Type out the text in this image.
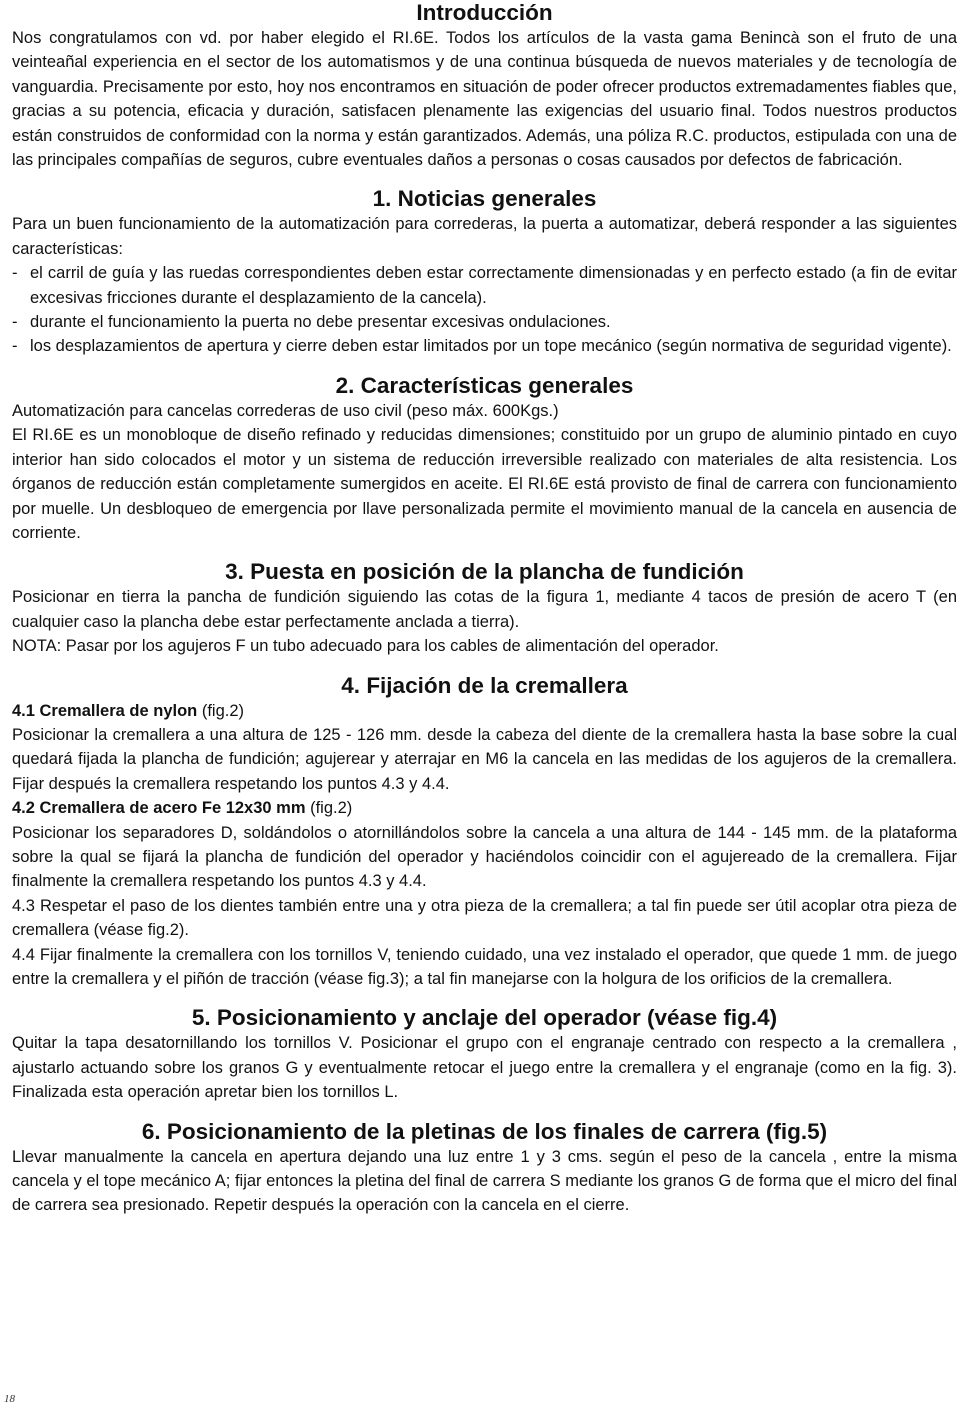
Introducción

Nos congratulamos con vd. por haber elegido el RI.6E. Todos los artículos de la vasta gama Benincà son el fruto de una veinteañal experiencia en el sector de los automatismos y de una continua búsqueda de nuevos materiales y de tecnología de vanguardia. Precisamente por esto, hoy nos encontramos en situación de poder ofrecer productos extremadamentes fiables que, gracias a su potencia, eficacia y duración, satisfacen plenamente las exigencias del usuario final. Todos nuestros productos están construidos de conformidad con la norma y están garantizados. Además, una póliza R.C. productos, estipulada con una de las principales compañías de seguros, cubre eventuales daños a personas o cosas causados por defectos de fabricación.

1. Noticias generales

Para un buen funcionamiento de la automatización para correderas, la puerta a automatizar, deberá responder a las siguientes características:

- el carril de guía y las ruedas correspondientes deben estar correctamente dimensionadas y en perfecto estado (a fin de evitar excesivas fricciones durante el desplazamiento de la cancela).
- durante el funcionamiento la puerta no debe presentar excesivas ondulaciones.
- los desplazamientos de apertura y cierre deben estar limitados por un tope mecánico (según normativa de seguridad vigente).
2. Características generales

Automatización para cancelas correderas de uso civil (peso máx. 600Kgs.)

El RI.6E es un monobloque de diseño refinado y reducidas dimensiones; constituido por un grupo de aluminio pintado en cuyo interior han sido colocados el motor y un sistema de reducción irreversible realizado con materiales de alta resistencia. Los órganos de reducción están completamente sumergidos en aceite. El RI.6E está provisto de final de carrera con funcionamiento por muelle. Un desbloqueo de emergencia por llave personalizada permite el movimiento manual de la cancela en ausencia de corriente.

3. Puesta en posición de la plancha de fundición

Posicionar en tierra la pancha de fundición siguiendo las cotas de la figura 1, mediante 4 tacos de presión de acero T (en cualquier caso la plancha debe estar perfectamente anclada a tierra).

NOTA: Pasar por los agujeros F un tubo adecuado para los cables de alimentación del operador.

4. Fijación de la cremallera

4.1 Cremallera de nylon (fig.2)

Posicionar la cremallera a una altura de 125 - 126 mm. desde la cabeza del diente de la cremallera hasta la base sobre la cual quedará fijada la plancha de fundición; agujerear y aterrajar en M6 la cancela en las medidas de los agujeros de la cremallera. Fijar después la cremallera respetando los puntos 4.3 y 4.4.

4.2 Cremallera de acero Fe 12x30 mm (fig.2)

Posicionar los separadores D, soldándolos o atornillándolos sobre la cancela a una altura de 144 - 145 mm. de la plataforma sobre la qual se fijará la plancha de fundición del operador y haciéndolos coincidir con el agujereado de la cremallera. Fijar finalmente la cremallera respetando los puntos 4.3 y 4.4.

4.3 Respetar el paso de los dientes también entre una y otra pieza de la cremallera; a tal fin puede ser útil acoplar otra pieza de cremallera (véase fig.2).

4.4 Fijar finalmente la cremallera con los tornillos V, teniendo cuidado, una vez instalado el operador, que quede 1 mm. de juego entre la cremallera y el piñón de tracción (véase fig.3); a tal fin manejarse con la holgura de los orificios de la cremallera.

5. Posicionamiento y anclaje del operador (véase fig.4)

Quitar la tapa desatornillando los tornillos V. Posicionar el grupo con el engranaje centrado con respecto a la cremallera , ajustarlo actuando sobre los granos G y eventualmente retocar el juego entre la cremallera y el engranaje (como en la fig. 3). Finalizada esta operación apretar bien los tornillos L.

6. Posicionamiento de la pletinas de los finales de carrera (fig.5)

Llevar manualmente la cancela en apertura dejando una luz entre 1 y 3 cms. según el peso de la cancela , entre la misma cancela y el tope mecánico A; fijar entonces la pletina del final de carrera S mediante los granos G de forma que el micro del final de carrera sea presionado. Repetir después la operación con la cancela en el cierre.

18
